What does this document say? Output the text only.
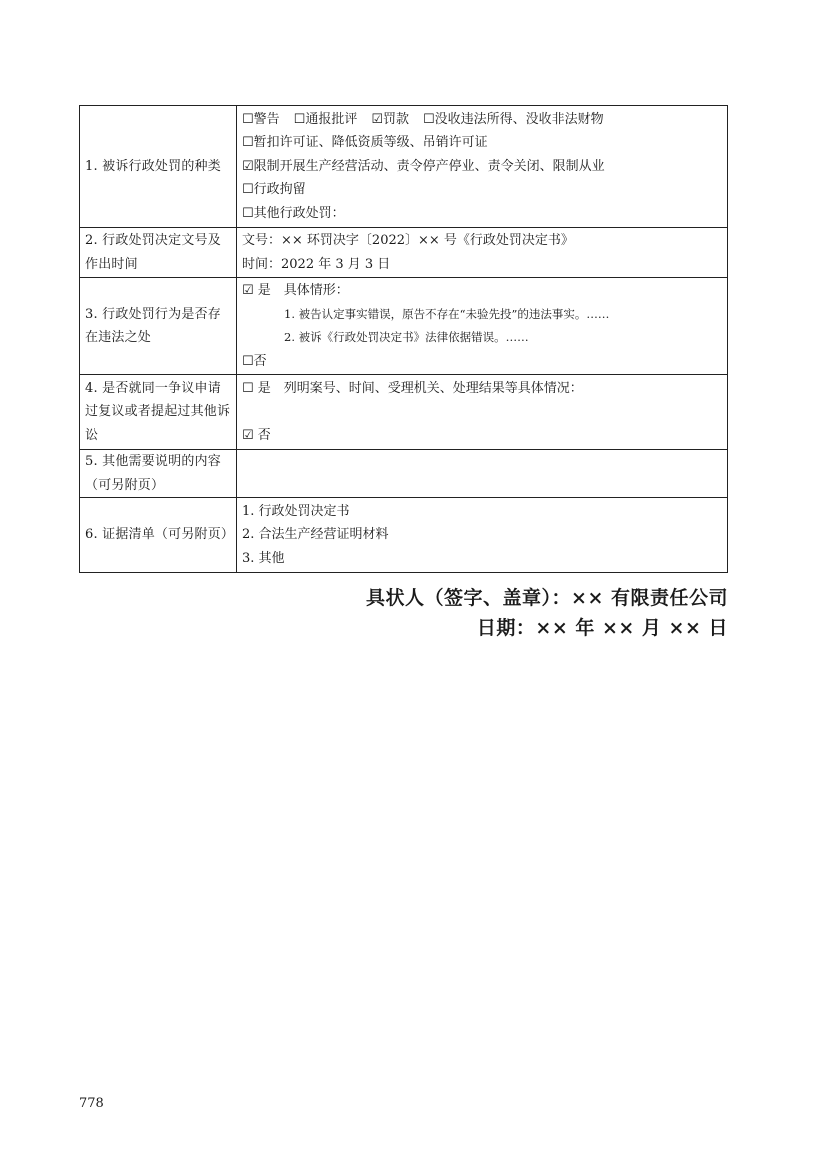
1. 被诉行政处罚的种类	☐警告 ☐通报批评 ☑罚款 ☐没收违法所得、没收非法财物
☐暂扣许可证、降低资质等级、吊销许可证
☑限制开展生产经营活动、责令停产停业、责令关闭、限制从业
☐行政拘留
☐其他行政处罚：

2. 行政处罚决定文号及作出时间	文号：×× 环罚决字〔2022〕×× 号《行政处罚决定书》
时间：2022 年 3 月 3 日

3. 行政处罚行为是否存在违法之处	☑ 是　具体情形：
1. 被告认定事实错误，原告不存在“未验先投”的违法事实。……
2. 被诉《行政处罚决定书》法律依据错误。……
☐否

4. 是否就同一争议申请过复议或者提起过其他诉讼	☐ 是　列明案号、时间、受理机关、处理结果等具体情况：
☑ 否

5. 其他需要说明的内容（可另附页）	
6. 证据清单（可另附页）	1. 行政处罚决定书
2. 合法生产经营证明材料
3. 其他
具状人（签字、盖章）：×× 有限责任公司
日期：×× 年 ×× 月 ×× 日
778
